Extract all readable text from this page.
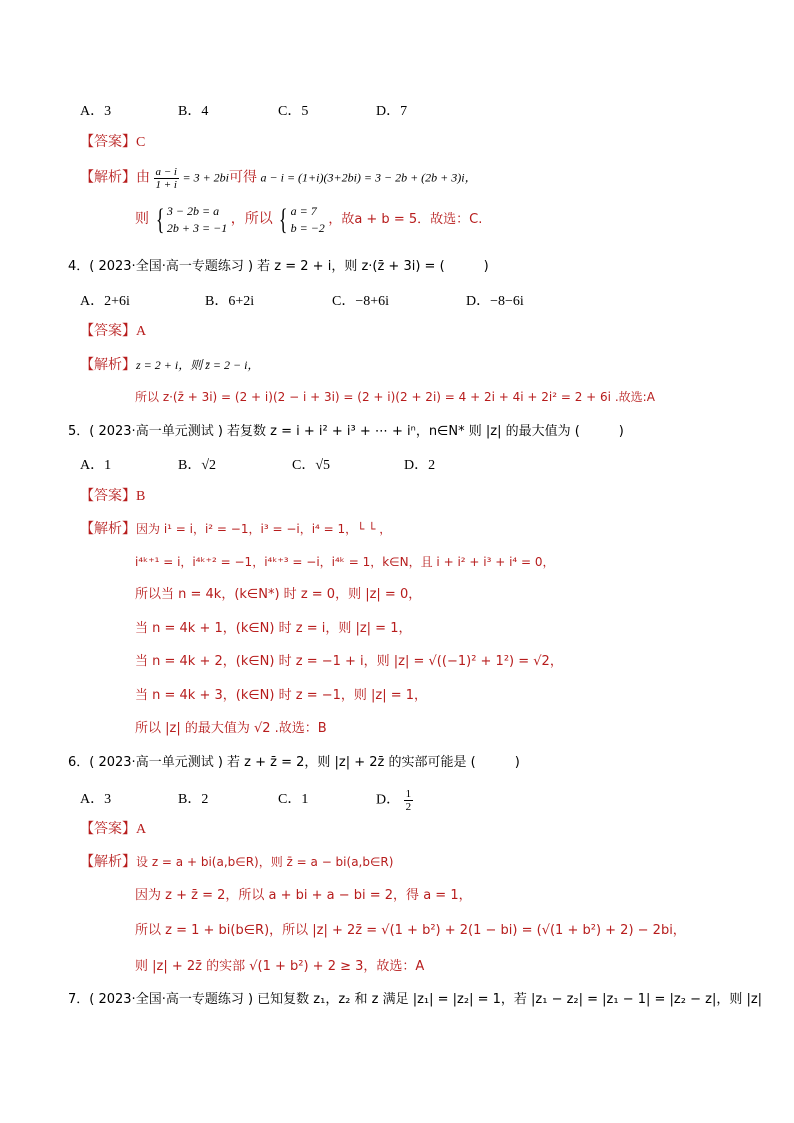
A．3	B．4	C．5	D．7
【答案】C
【解析】由 $\frac{a - i}{1 + i} = 3 + 2bi$可得 a − i = (1+i)(3+2bi) = 3 − 2b + (2b + 3)i，
则 { 3 − 2b = a
2b + 3 = −1
，所以 { a = 7
b = −2
，故a + b = 5．故选：C.
4．( 2023·全国·高一专题练习 ) 若 z = 2 + i，则 z·(z̄ + 3i) = (　　　)
A．2+6i	B．6+2i	C．−8+6i	D．−8−6i
【答案】A
【解析】z = 2 + i，则 z̄ = 2 − i，
所以 z·(z̄ + 3i) = (2 + i)(2 − i + 3i) = (2 + i)(2 + 2i) = 4 + 2i + 4i + 2i² = 2 + 6i .故选:A
5．( 2023·高一单元测试 ) 若复数 z = i + i² + i³ + ⋯ + iⁿ，n∈N* 则 |z| 的最大值为 (　　　)
A．1	B．√2	C．√5	D．2
【答案】B
【解析】因为 i¹ = i，i² = −1，i³ = −i，i⁴ = 1，└ └ ，
i⁴ᵏ⁺¹ = i，i⁴ᵏ⁺² = −1，i⁴ᵏ⁺³ = −i，i⁴ᵏ = 1，k∈N，且 i + i² + i³ + i⁴ = 0，
所以当 n = 4k，(k∈N*) 时 z = 0，则 |z| = 0，
当 n = 4k + 1，(k∈N) 时 z = i，则 |z| = 1，
当 n = 4k + 2，(k∈N) 时 z = −1 + i，则 |z| = √((−1)² + 1²) = √2，
当 n = 4k + 3，(k∈N) 时 z = −1，则 |z| = 1，
所以 |z| 的最大值为 √2 .故选：B
6．( 2023·高一单元测试 ) 若 z + z̄ = 2，则 |z| + 2z̄ 的实部可能是 (　　　)
A．3	B．2	C．1	D． $\frac{1}{2}$
【答案】A
【解析】设 z = a + bi(a,b∈R)，则 z̄ = a − bi(a,b∈R)
因为 z + z̄ = 2，所以 a + bi + a − bi = 2，得 a = 1，
所以 z = 1 + bi(b∈R)，所以 |z| + 2z̄ = √(1 + b²) + 2(1 − bi) = (√(1 + b²) + 2) − 2bi，
则 |z| + 2z̄ 的实部 √(1 + b²) + 2 ≥ 3，故选：A
7．( 2023·全国·高一专题练习 ) 已知复数 z₁，z₂ 和 z 满足 |z₁| = |z₂| = 1，若 |z₁ − z₂| = |z₁ − 1| = |z₂ − z|，则 |z|
